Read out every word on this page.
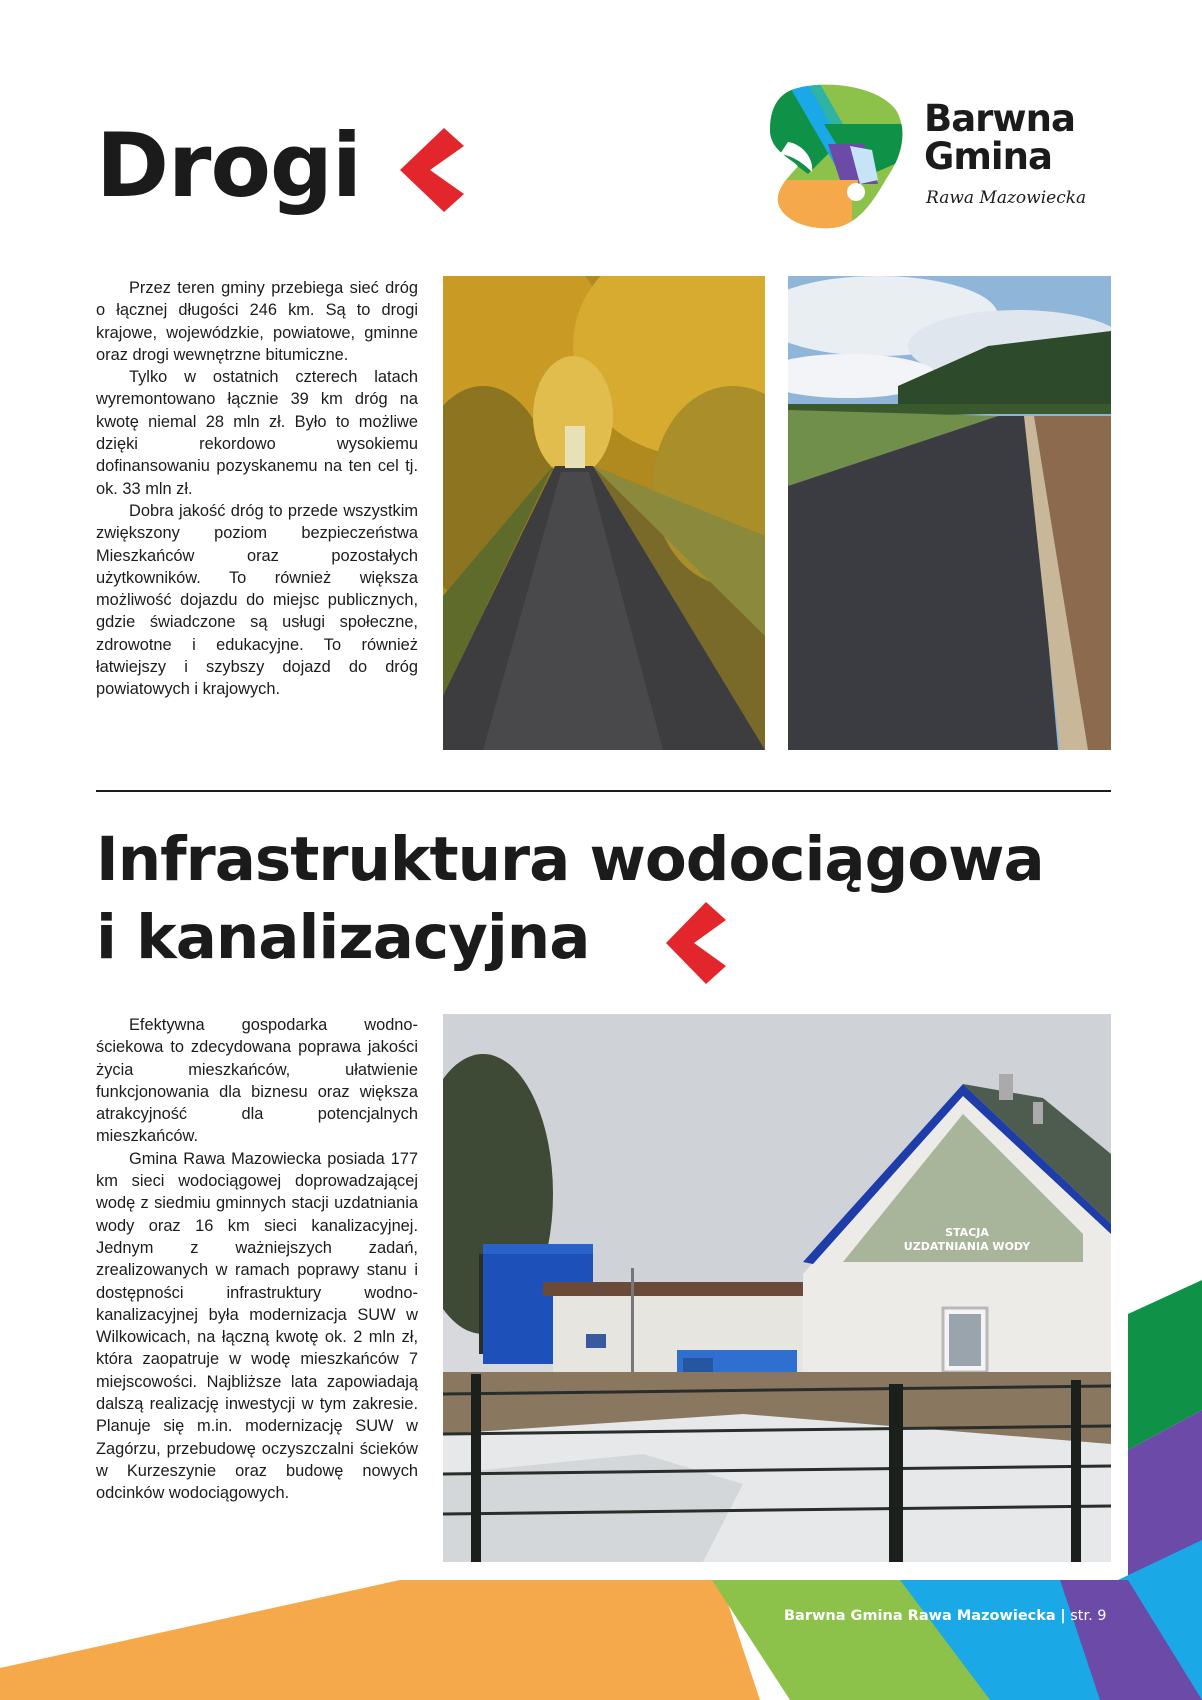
Barwna
Gmina
Rawa Mazowiecka
Drogi

Przez teren gminy przebiega sieć dróg o łącznej długości 246 km. Są to drogi krajowe, wojewódzkie, powiatowe, gminne oraz drogi wewnętrzne bitumiczne.

Tylko w ostatnich czterech latach wyremontowano łącznie 39 km dróg na kwotę niemal 28 mln zł. Było to możliwe dzięki rekordowo wysokiemu dofinansowaniu pozyskanemu na ten cel tj. ok. 33 mln zł.

Dobra jakość dróg to przede wszystkim zwiększony poziom bezpieczeństwa Mieszkańców oraz pozostałych użytkowników. To również większa możliwość dojazdu do miejsc publicznych, gdzie świadczone są usługi społeczne, zdrowotne i edukacyjne. To również łatwiejszy i szybszy dojazd do dróg powiatowych i krajowych.

Infrastruktura wodociągowa
i kanalizacyjna

Efektywna gospodarka wodno-ściekowa to zdecydowana poprawa jakości życia mieszkańców, ułatwienie funkcjonowania dla biznesu oraz większa atrakcyjność dla potencjalnych mieszkańców.

Gmina Rawa Mazowiecka posiada 177 km sieci wodociągowej doprowadzającej wodę z siedmiu gminnych stacji uzdatniania wody oraz 16 km sieci kanalizacyjnej. Jednym z ważniejszych zadań, zrealizowanych w ramach poprawy stanu i dostępności infrastruktury wodno-kanalizacyjnej była modernizacja SUW w Wilkowicach, na łączną kwotę ok. 2 mln zł, która zaopatruje w wodę mieszkańców 7 miejscowości. Najbliższe lata zapowiadają dalszą realizację inwestycji w tym zakresie. Planuje się m.in. modernizację SUW w Zagórzu, przebudowę oczyszczalni ścieków w Kurzeszynie oraz budowę nowych odcinków wodociągowych.

STACJA
UZDATNIANIA WODY
Barwna Gmina Rawa Mazowiecka | str. 9
